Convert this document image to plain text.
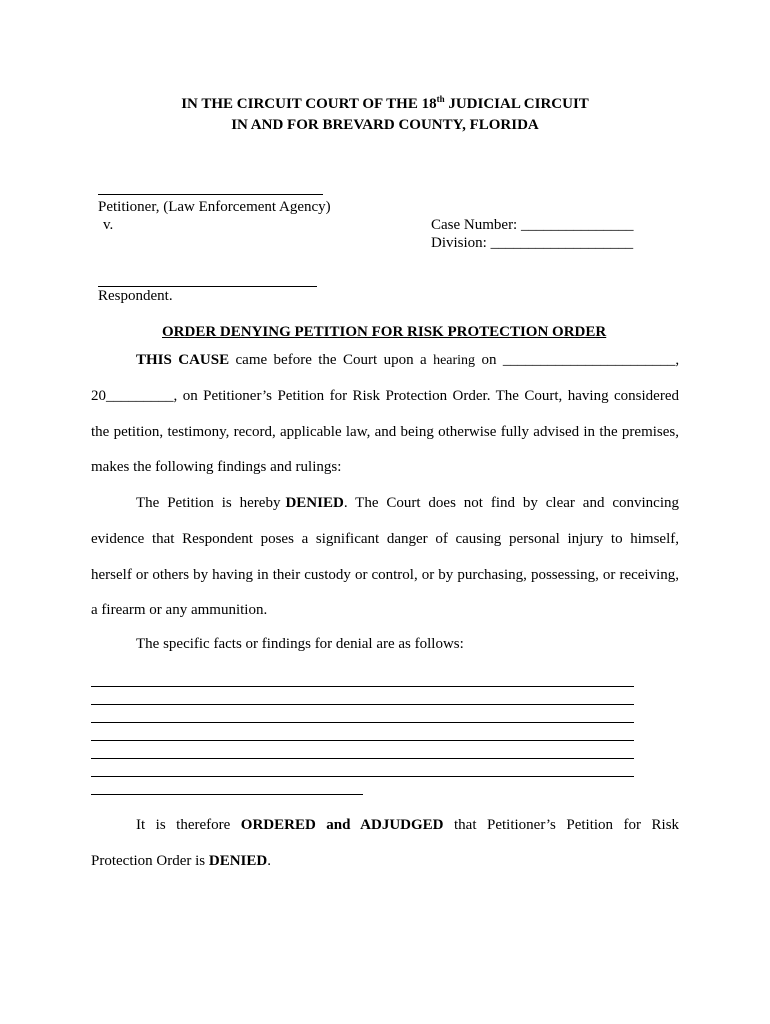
IN THE CIRCUIT COURT OF THE 18th JUDICIAL CIRCUIT
IN AND FOR BREVARD COUNTY, FLORIDA
Petitioner, (Law Enforcement Agency)
v.	Case Number: _______________
Division: ___________________
Respondent.
ORDER DENYING PETITION FOR RISK PROTECTION ORDER
THIS CAUSE came before the Court upon a hearing on _______________________,
20_________, on Petitioner’s Petition for Risk Protection Order. The Court, having considered
the petition, testimony, record, applicable law, and being otherwise fully advised in the premises,
makes the following findings and rulings:
The Petition is hereby DENIED. The Court does not find by clear and convincing
evidence that Respondent poses a significant danger of causing personal injury to himself,
herself or others by having in their custody or control, or by purchasing, possessing, or receiving,
a firearm or any ammunition.
The specific facts or findings for denial are as follows:
It is therefore ORDERED and ADJUDGED that Petitioner’s Petition for Risk
Protection Order is DENIED.
